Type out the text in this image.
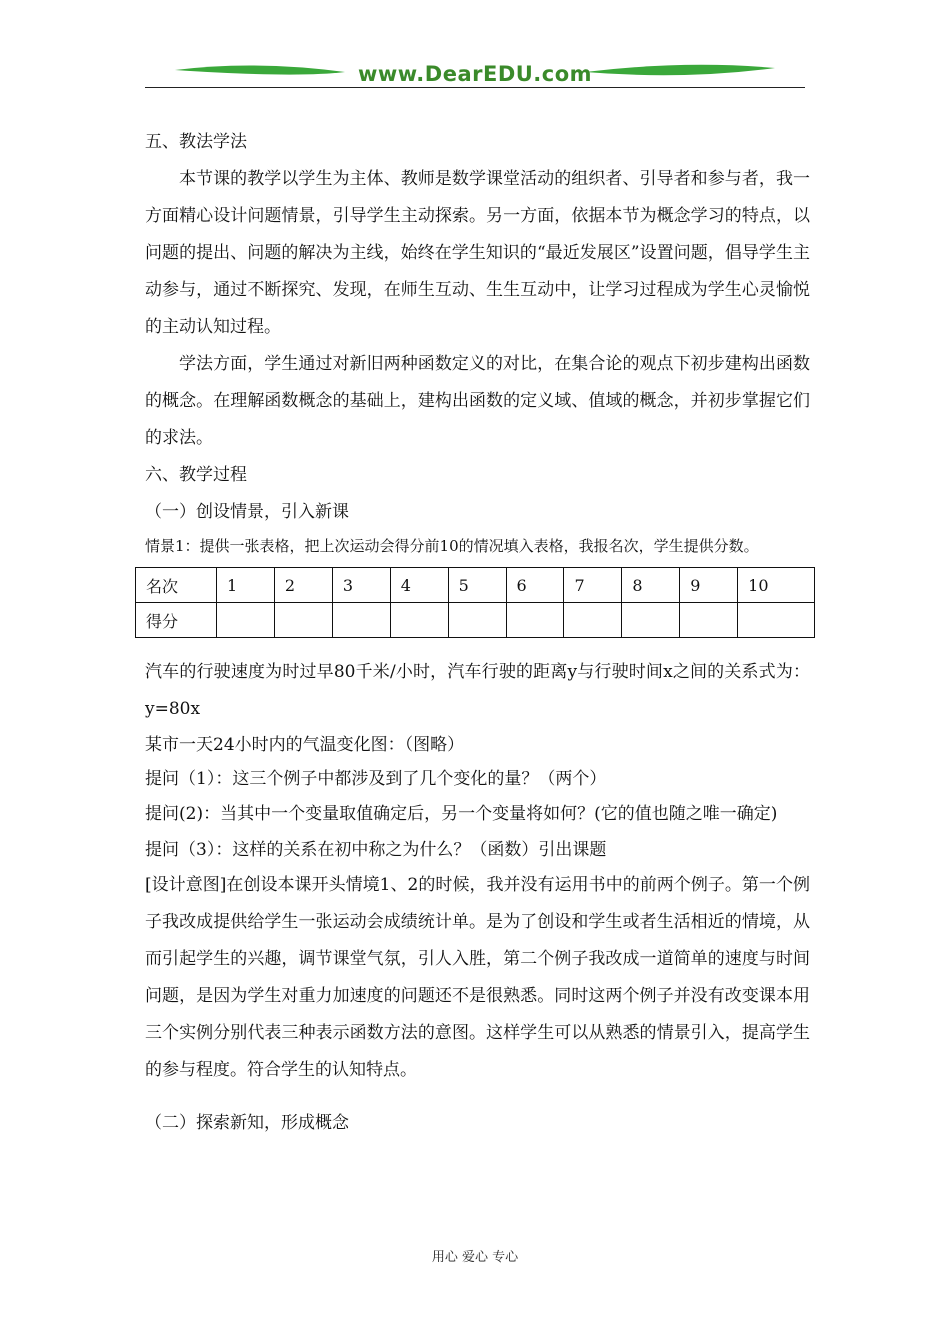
www.DearEDU.com

五、教法学法

本节课的教学以学生为主体、教师是数学课堂活动的组织者、引导者和参与者，我一方面精心设计问题情景，引导学生主动探索。另一方面，依据本节为概念学习的特点，以问题的提出、问题的解决为主线，始终在学生知识的“最近发展区”设置问题，倡导学生主动参与，通过不断探究、发现，在师生互动、生生互动中，让学习过程成为学生心灵愉悦的主动认知过程。

学法方面，学生通过对新旧两种函数定义的对比，在集合论的观点下初步建构出函数的概念。在理解函数概念的基础上，建构出函数的定义域、值域的概念，并初步掌握它们的求法。

六、教学过程

（一）创设情景，引入新课

情景1：提供一张表格，把上次运动会得分前10的情况填入表格，我报名次，学生提供分数。

名次	1	2	3	4	5	6	7	8	9	10
得分										

汽车的行驶速度为时过早80千米/小时，汽车行驶的距离y与行驶时间x之间的关系式为：y=80x

某市一天24小时内的气温变化图：（图略）

提问（1）：这三个例子中都涉及到了几个变化的量？（两个）

提问(2)：当其中一个变量取值确定后，另一个变量将如何？(它的值也随之唯一确定)

提问（3）：这样的关系在初中称之为什么？（函数）引出课题

[设计意图]在创设本课开头情境1、2的时候，我并没有运用书中的前两个例子。第一个例子我改成提供给学生一张运动会成绩统计单。是为了创设和学生或者生活相近的情境，从而引起学生的兴趣，调节课堂气氛，引人入胜，第二个例子我改成一道简单的速度与时间问题，是因为学生对重力加速度的问题还不是很熟悉。同时这两个例子并没有改变课本用三个实例分别代表三种表示函数方法的意图。这样学生可以从熟悉的情景引入，提高学生的参与程度。符合学生的认知特点。

（二）探索新知，形成概念

用心 爱心 专心
